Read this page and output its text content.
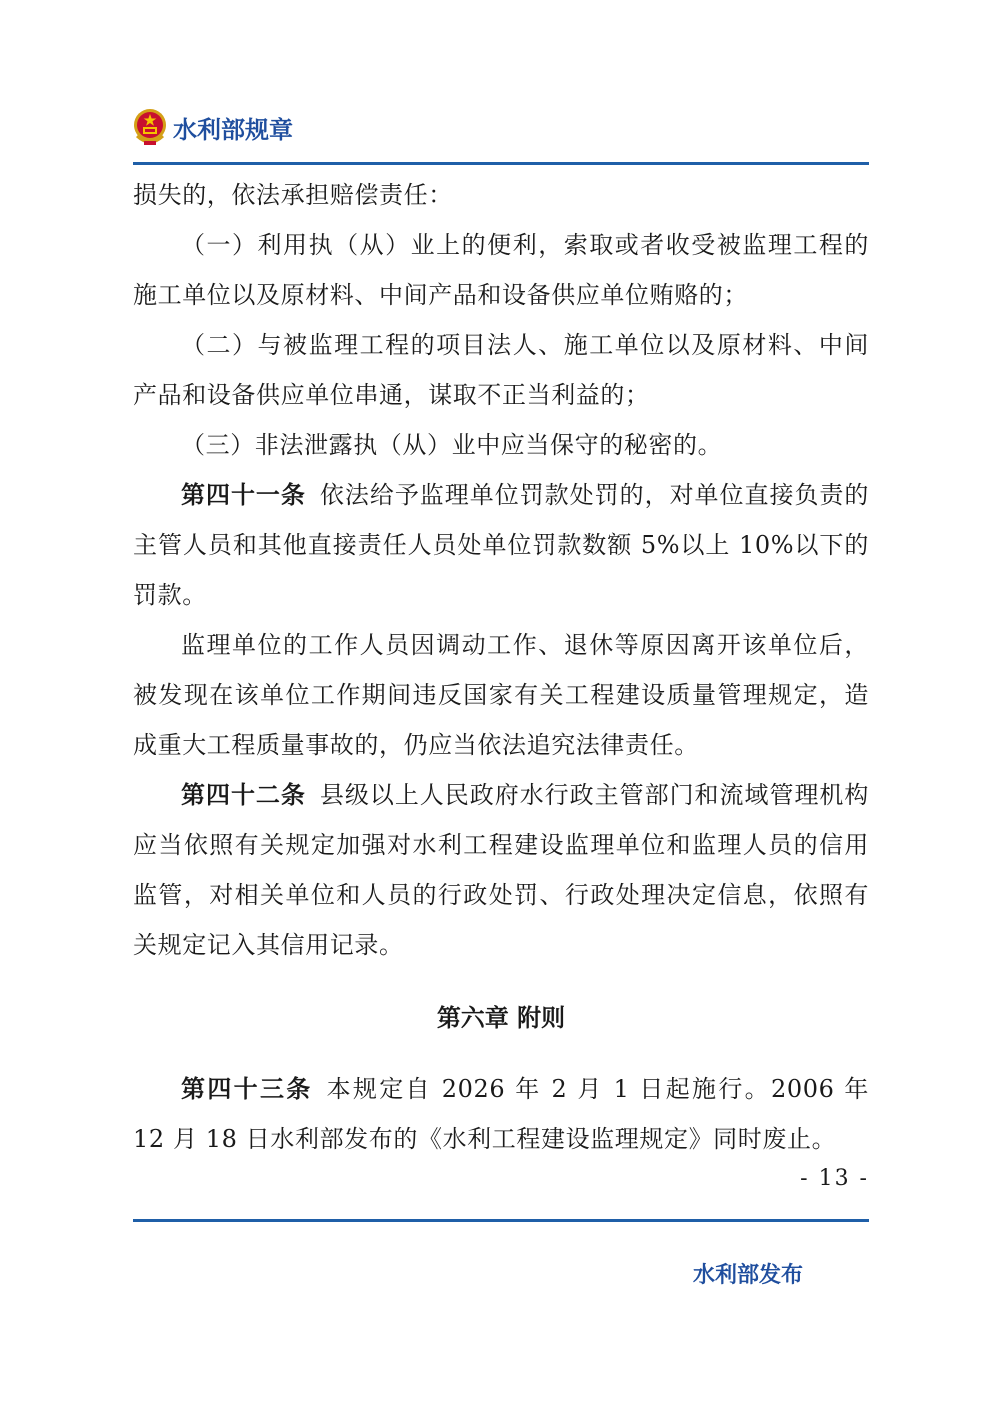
水利部规章

损失的，依法承担赔偿责任：

（一）利用执（从）业上的便利，索取或者收受被监理工程的施工单位以及原材料、中间产品和设备供应单位贿赂的；

（二）与被监理工程的项目法人、施工单位以及原材料、中间产品和设备供应单位串通，谋取不正当利益的；

（三）非法泄露执（从）业中应当保守的秘密的。

第四十一条 依法给予监理单位罚款处罚的，对单位直接负责的主管人员和其他直接责任人员处单位罚款数额 5%以上 10%以下的罚款。

监理单位的工作人员因调动工作、退休等原因离开该单位后，被发现在该单位工作期间违反国家有关工程建设质量管理规定，造成重大工程质量事故的，仍应当依法追究法律责任。

第四十二条 县级以上人民政府水行政主管部门和流域管理机构应当依照有关规定加强对水利工程建设监理单位和监理人员的信用监管，对相关单位和人员的行政处罚、行政处理决定信息，依照有关规定记入其信用记录。

第六章 附则

第四十三条 本规定自 2026 年 2 月 1 日起施行。2006 年 12 月 18 日水利部发布的《水利工程建设监理规定》同时废止。

- 13 -
水利部发布
